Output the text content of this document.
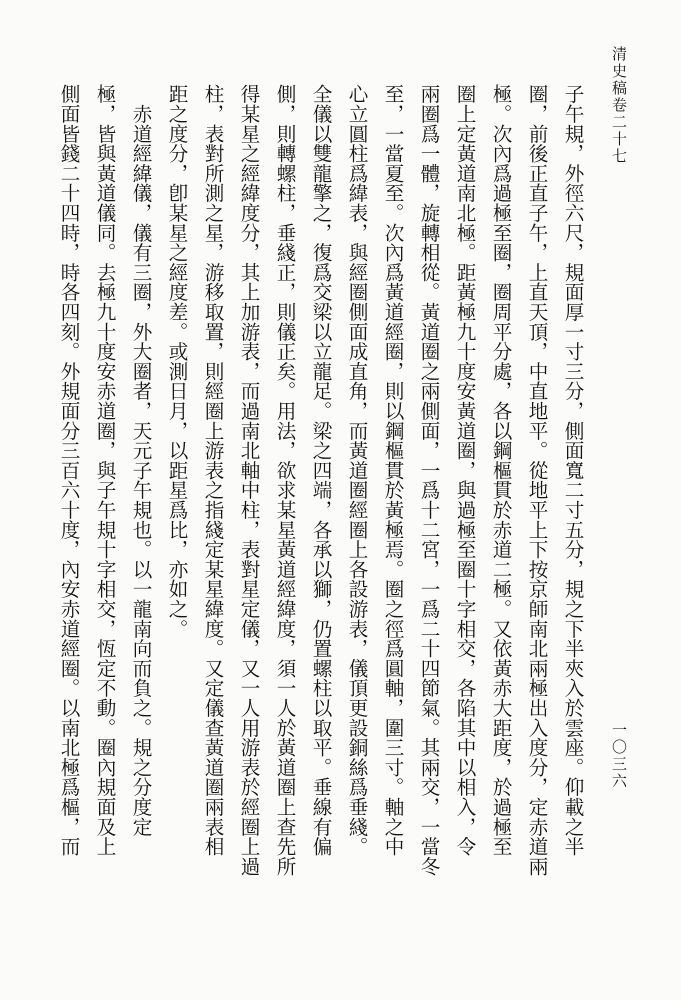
清史稿卷二十七
一〇三六
子午規，外徑六尺，規面厚一寸三分，側面寬二寸五分，規之下半夾入於雲座。仰載之半
圈，前後正直子午，上直天頂，中直地平。從地平上下按京師南北兩極出入度分，定赤道兩
極。次內爲過極至圈，圈周平分處，各以鋼樞貫於赤道二極。又依黃赤大距度，於過極至
圈上定黃道南北極。距黃極九十度安黃道圈，與過極至圈十字相交，各陷其中以相入，令
兩圈爲一體，旋轉相從。黃道圈之兩側面，一爲十二宮，一爲二十四節氣。其兩交，一當冬
至，一當夏至。次內爲黃道經圈，則以鋼樞貫於黃極焉。圈之徑爲圓軸，圍三寸。軸之中
心立圓柱爲緯表，與經圈側面成直角，而黃道圈經圈上各設游表，儀頂更設銅絲爲垂綫。
全儀以雙龍擎之，復爲交梁以立龍足。梁之四端，各承以獅，仍置螺柱以取平。垂線有偏
側，則轉螺柱，垂綫正，則儀正矣。用法，欲求某星黃道經緯度，須一人於黃道圈上查先所
得某星之經緯度分，其上加游表，而過南北軸中柱，表對星定儀，又一人用游表於經圈上過
柱，表對所測之星，游移取置，則經圈上游表之指綫定某星緯度。又定儀查黃道圈兩表相
距之度分，卽某星之經度差。或測日月，以距星爲比，亦如之。
　赤道經緯儀，儀有三圈，外大圈者，天元子午規也。以一龍南向而負之。規之分度定
極，皆與黃道儀同。去極九十度安赤道圈，與子午規十字相交，恆定不動。圈內規面及上
側面皆錢二十四時，時各四刻。外規面分三百六十度，內安赤道經圈。以南北極爲樞，而
